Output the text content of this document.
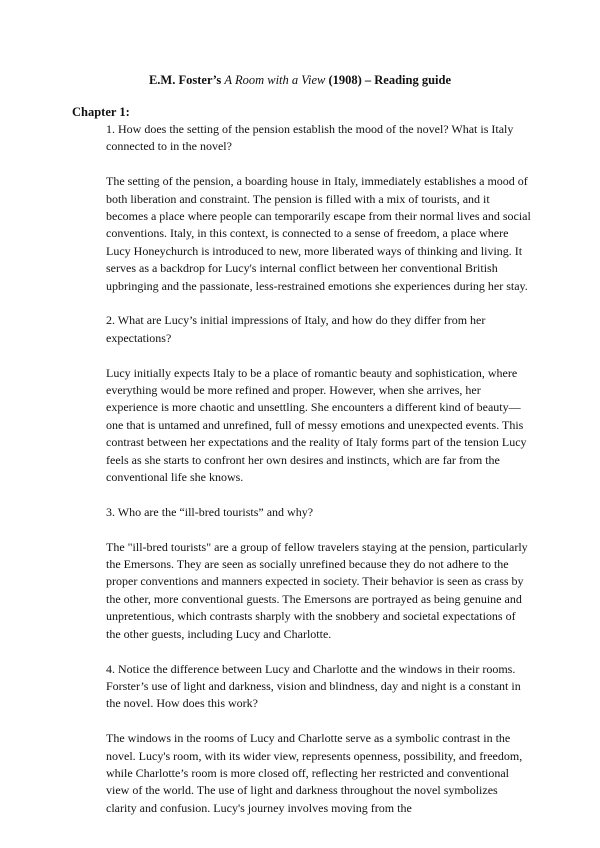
E.M. Foster’s A Room with a View (1908) – Reading guide
Chapter 1:

1. How does the setting of the pension establish the mood of the novel? What is Italy connected to in the novel?

The setting of the pension, a boarding house in Italy, immediately establishes a mood of both liberation and constraint. The pension is filled with a mix of tourists, and it becomes a place where people can temporarily escape from their normal lives and social conventions. Italy, in this context, is connected to a sense of freedom, a place where Lucy Honeychurch is introduced to new, more liberated ways of thinking and living. It serves as a backdrop for Lucy's internal conflict between her conventional British upbringing and the passionate, less-restrained emotions she experiences during her stay.

2. What are Lucy’s initial impressions of Italy, and how do they differ from her expectations?

Lucy initially expects Italy to be a place of romantic beauty and sophistication, where everything would be more refined and proper. However, when she arrives, her experience is more chaotic and unsettling. She encounters a different kind of beauty—one that is untamed and unrefined, full of messy emotions and unexpected events. This contrast between her expectations and the reality of Italy forms part of the tension Lucy feels as she starts to confront her own desires and instincts, which are far from the conventional life she knows.

3. Who are the “ill-bred tourists” and why?

The "ill-bred tourists" are a group of fellow travelers staying at the pension, particularly the Emersons. They are seen as socially unrefined because they do not adhere to the proper conventions and manners expected in society. Their behavior is seen as crass by the other, more conventional guests. The Emersons are portrayed as being genuine and unpretentious, which contrasts sharply with the snobbery and societal expectations of the other guests, including Lucy and Charlotte.

4. Notice the difference between Lucy and Charlotte and the windows in their rooms. Forster’s use of light and darkness, vision and blindness, day and night is a constant in the novel. How does this work?

The windows in the rooms of Lucy and Charlotte serve as a symbolic contrast in the novel. Lucy's room, with its wider view, represents openness, possibility, and freedom, while Charlotte’s room is more closed off, reflecting her restricted and conventional view of the world. The use of light and darkness throughout the novel symbolizes clarity and confusion. Lucy's journey involves moving from the
